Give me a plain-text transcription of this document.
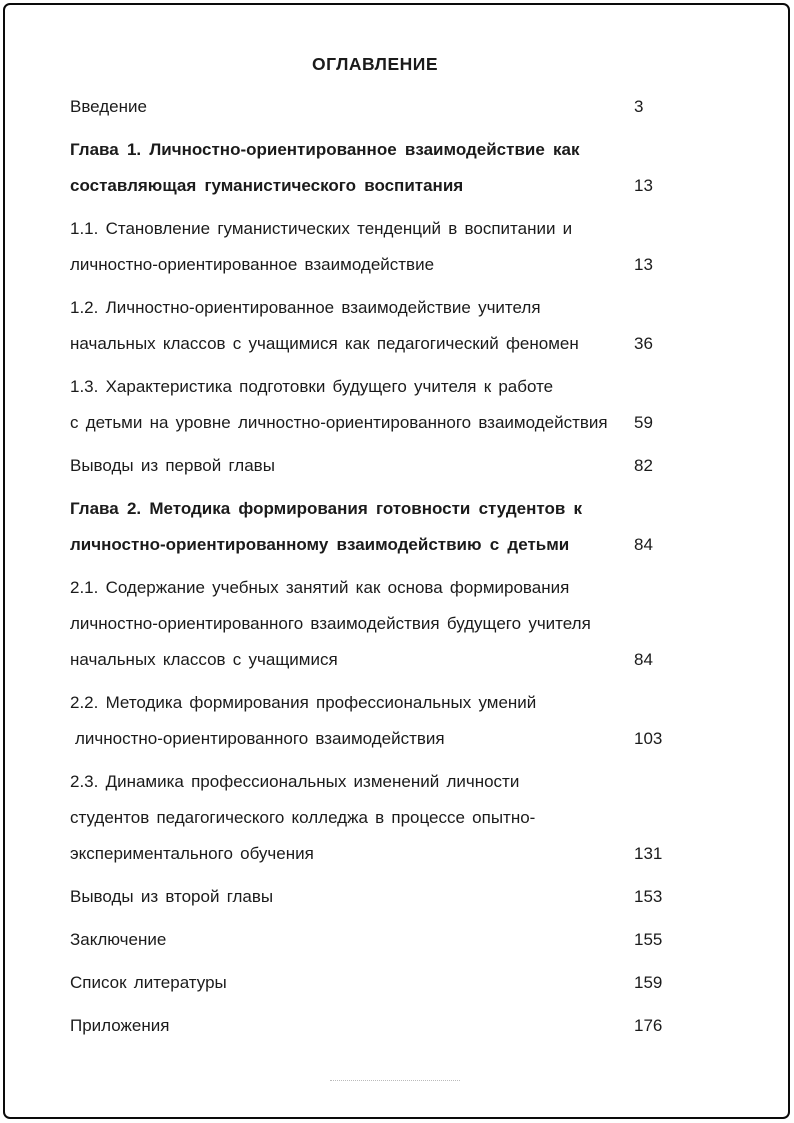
ОГЛАВЛЕНИЕ
Введение	3
Глава 1. Личностно-ориентированное взаимодействие как
составляющая гуманистического воспитания	13
1.1. Становление гуманистических тенденций в воспитании и
личностно-ориентированное взаимодействие	13
1.2. Личностно-ориентированное взаимодействие учителя
начальных классов с учащимися как педагогический феномен	36
1.3. Характеристика подготовки будущего учителя к работе
с детьми на уровне личностно-ориентированного взаимодействия	59
Выводы из первой главы	82
Глава 2. Методика формирования готовности студентов к
личностно-ориентированному взаимодействию с детьми	84
2.1. Содержание учебных занятий как основа формирования
личностно-ориентированного взаимодействия будущего учителя
начальных классов с учащимися	84
2.2. Методика формирования профессиональных умений
личностно-ориентированного взаимодействия	103
2.3. Динамика профессиональных изменений личности
студентов педагогического колледжа в процессе опытно-
экспериментального обучения	131
Выводы из второй главы	153
Заключение	155
Список литературы	159
Приложения	176
